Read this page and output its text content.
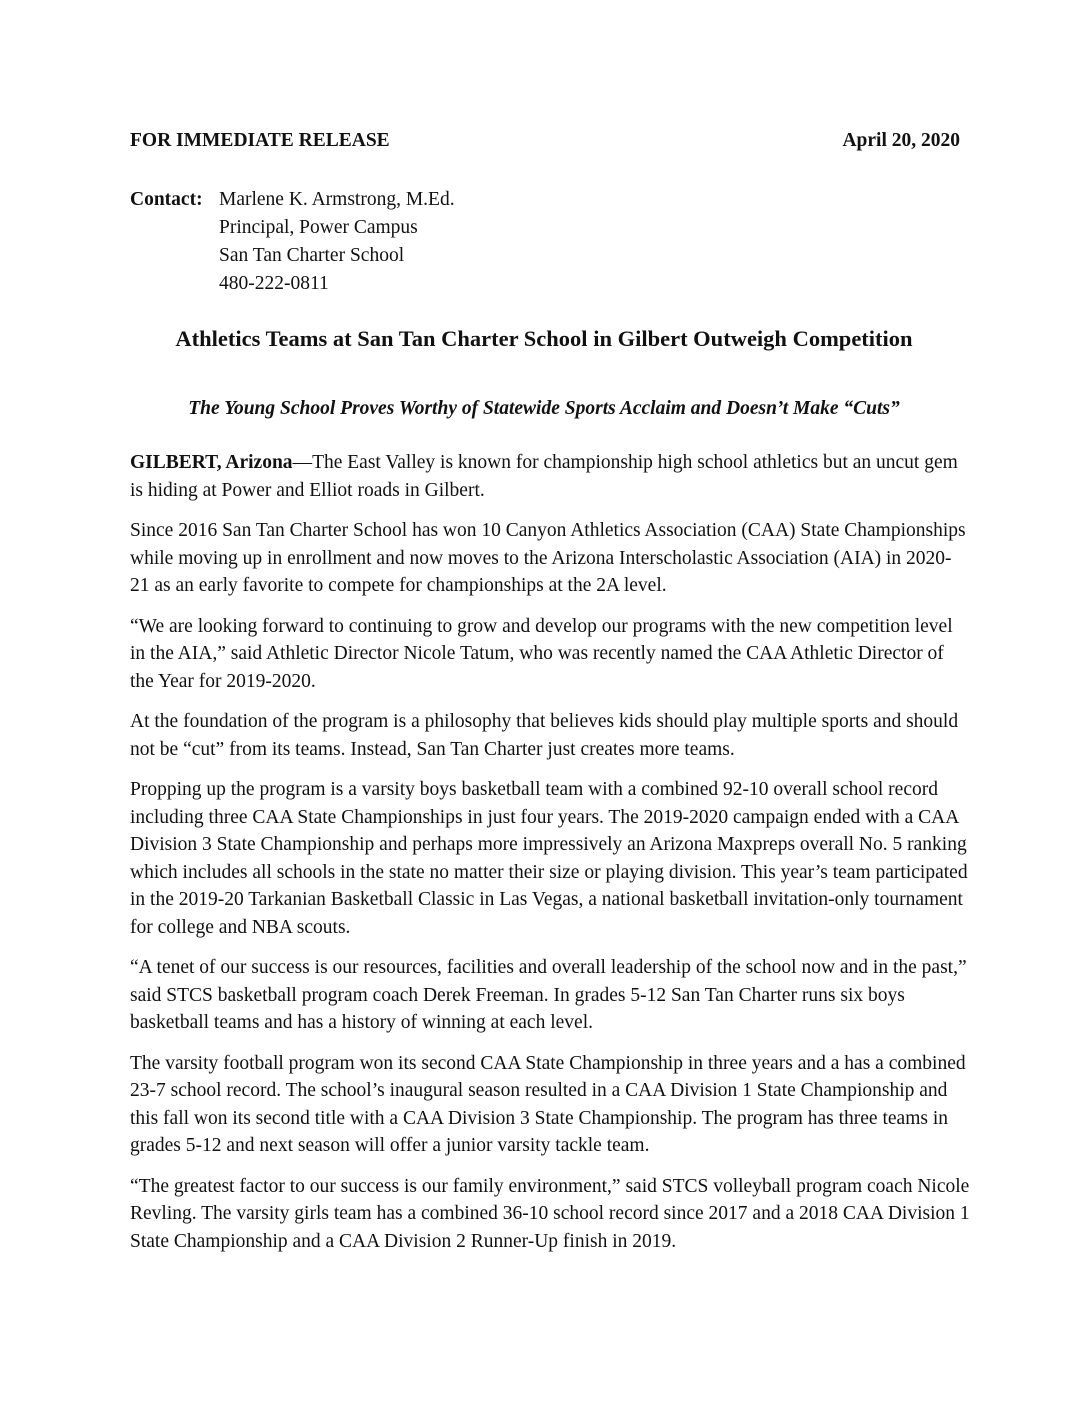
FOR IMMEDIATE RELEASE	April 20, 2020
Contact: Marlene K. Armstrong, M.Ed.
Principal, Power Campus
San Tan Charter School
480-222-0811
Athletics Teams at San Tan Charter School in Gilbert Outweigh Competition
The Young School Proves Worthy of Statewide Sports Acclaim and Doesn’t Make “Cuts”

GILBERT, Arizona—The East Valley is known for championship high school athletics but an uncut gem is hiding at Power and Elliot roads in Gilbert.

Since 2016 San Tan Charter School has won 10 Canyon Athletics Association (CAA) State Championships while moving up in enrollment and now moves to the Arizona Interscholastic Association (AIA) in 2020-21 as an early favorite to compete for championships at the 2A level.

“We are looking forward to continuing to grow and develop our programs with the new competition level in the AIA,” said Athletic Director Nicole Tatum, who was recently named the CAA Athletic Director of the Year for 2019-2020.

At the foundation of the program is a philosophy that believes kids should play multiple sports and should not be “cut” from its teams. Instead, San Tan Charter just creates more teams.

Propping up the program is a varsity boys basketball team with a combined 92-10 overall school record including three CAA State Championships in just four years. The 2019-2020 campaign ended with a CAA Division 3 State Championship and perhaps more impressively an Arizona Maxpreps overall No. 5 ranking which includes all schools in the state no matter their size or playing division. This year’s team participated in the 2019-20 Tarkanian Basketball Classic in Las Vegas, a national basketball invitation-only tournament for college and NBA scouts.

“A tenet of our success is our resources, facilities and overall leadership of the school now and in the past,” said STCS basketball program coach Derek Freeman. In grades 5-12 San Tan Charter runs six boys basketball teams and has a history of winning at each level.

The varsity football program won its second CAA State Championship in three years and a has a combined 23-7 school record. The school’s inaugural season resulted in a CAA Division 1 State Championship and this fall won its second title with a CAA Division 3 State Championship. The program has three teams in grades 5-12 and next season will offer a junior varsity tackle team.

“The greatest factor to our success is our family environment,” said STCS volleyball program coach Nicole Revling. The varsity girls team has a combined 36-10 school record since 2017 and a 2018 CAA Division 1 State Championship and a CAA Division 2 Runner-Up finish in 2019.
